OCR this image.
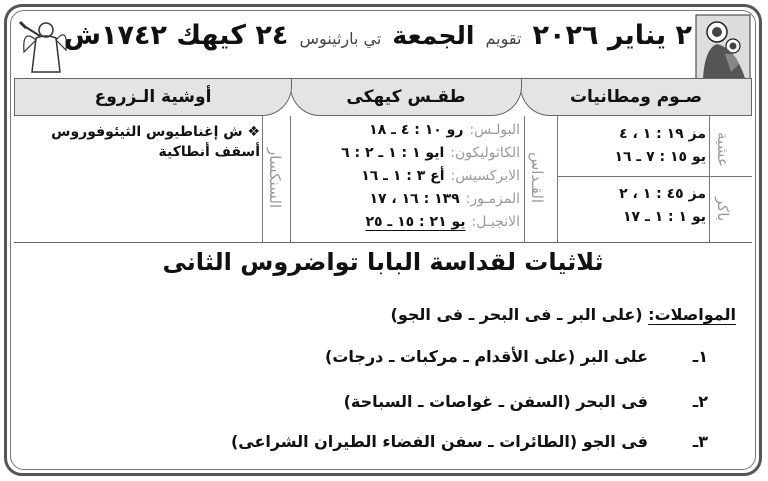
٢ يناير ٢٠٢٦ تقويم الجمعة تي بارثينوس ٢٤ كيهك ١٧٤٢ش
صـوم ومطانيات
طقـس كيهكى
أوشية الـزروع
عشية
باكر
القـداس
السنكسار
مز ١٩ : ١ ، ٤
يو ١٥ : ٧ ـ ١٦
مز ٤٥ : ١ ، ٢
يو ١ : ١ ـ ١٧
البولـس:رو ١٠ : ٤ ـ ١٨
الكاثوليكون:ايو ١ : ١ ـ ٢ : ٦
الابركسيس:أع ٣ : ١ ـ ١٦
المزمـور:١٣٩ : ١٦ ، ١٧
الانجيـل:يو ٢١ : ١٥ ـ ٢٥
❖ ش إغناطيوس الثيئوفوروس
أسقف أنطاكية
ثلاثيات لقداسة البابا تواضروس الثانى
المواصلات: (على البر ـ فى البحر ـ فى الجو)
١ـعلى البر (على الأقدام ـ مركبات ـ درجات)
٢ـفى البحر (السفن ـ غواصات ـ السباحة)
٣ـفى الجو (الطائرات ـ سفن الفضاء الطيران الشراعى)
